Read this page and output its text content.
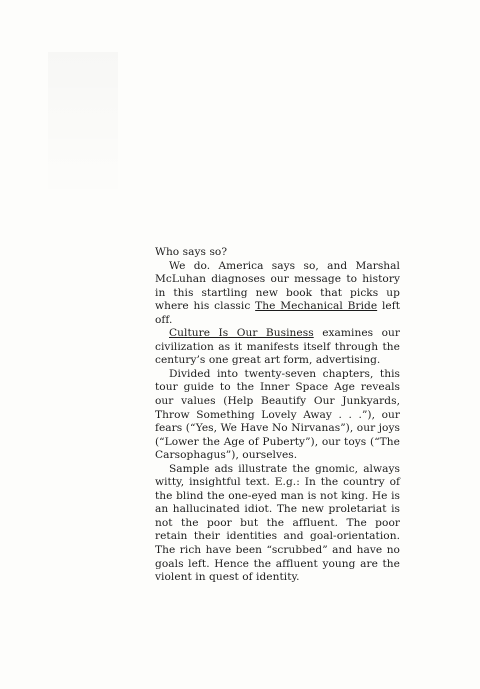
Who says so?

We do. America says so, and Marshal McLuhan diagnoses our message to history in this startling new book that picks up where his classic The Mechanical Bride left off.

Culture Is Our Business examines our civilization as it manifests itself through the century’s one great art form, advertising.

Divided into twenty-seven chapters, this tour guide to the Inner Space Age reveals our values (Help Beautify Our Junkyards, Throw Something Lovely Away . . .”), our fears (“Yes, We Have No Nirvanas”), our joys (“Lower the Age of Puberty”), our toys (“The Carsophagus”), ourselves.

Sample ads illustrate the gnomic, always witty, insightful text. E.g.: In the country of the blind the one-eyed man is not king. He is an hallucinated idiot. The new proletariat is not the poor but the affluent. The poor retain their identities and goal-orientation. The rich have been “scrubbed” and have no goals left. Hence the affluent young are the violent in quest of identity.
